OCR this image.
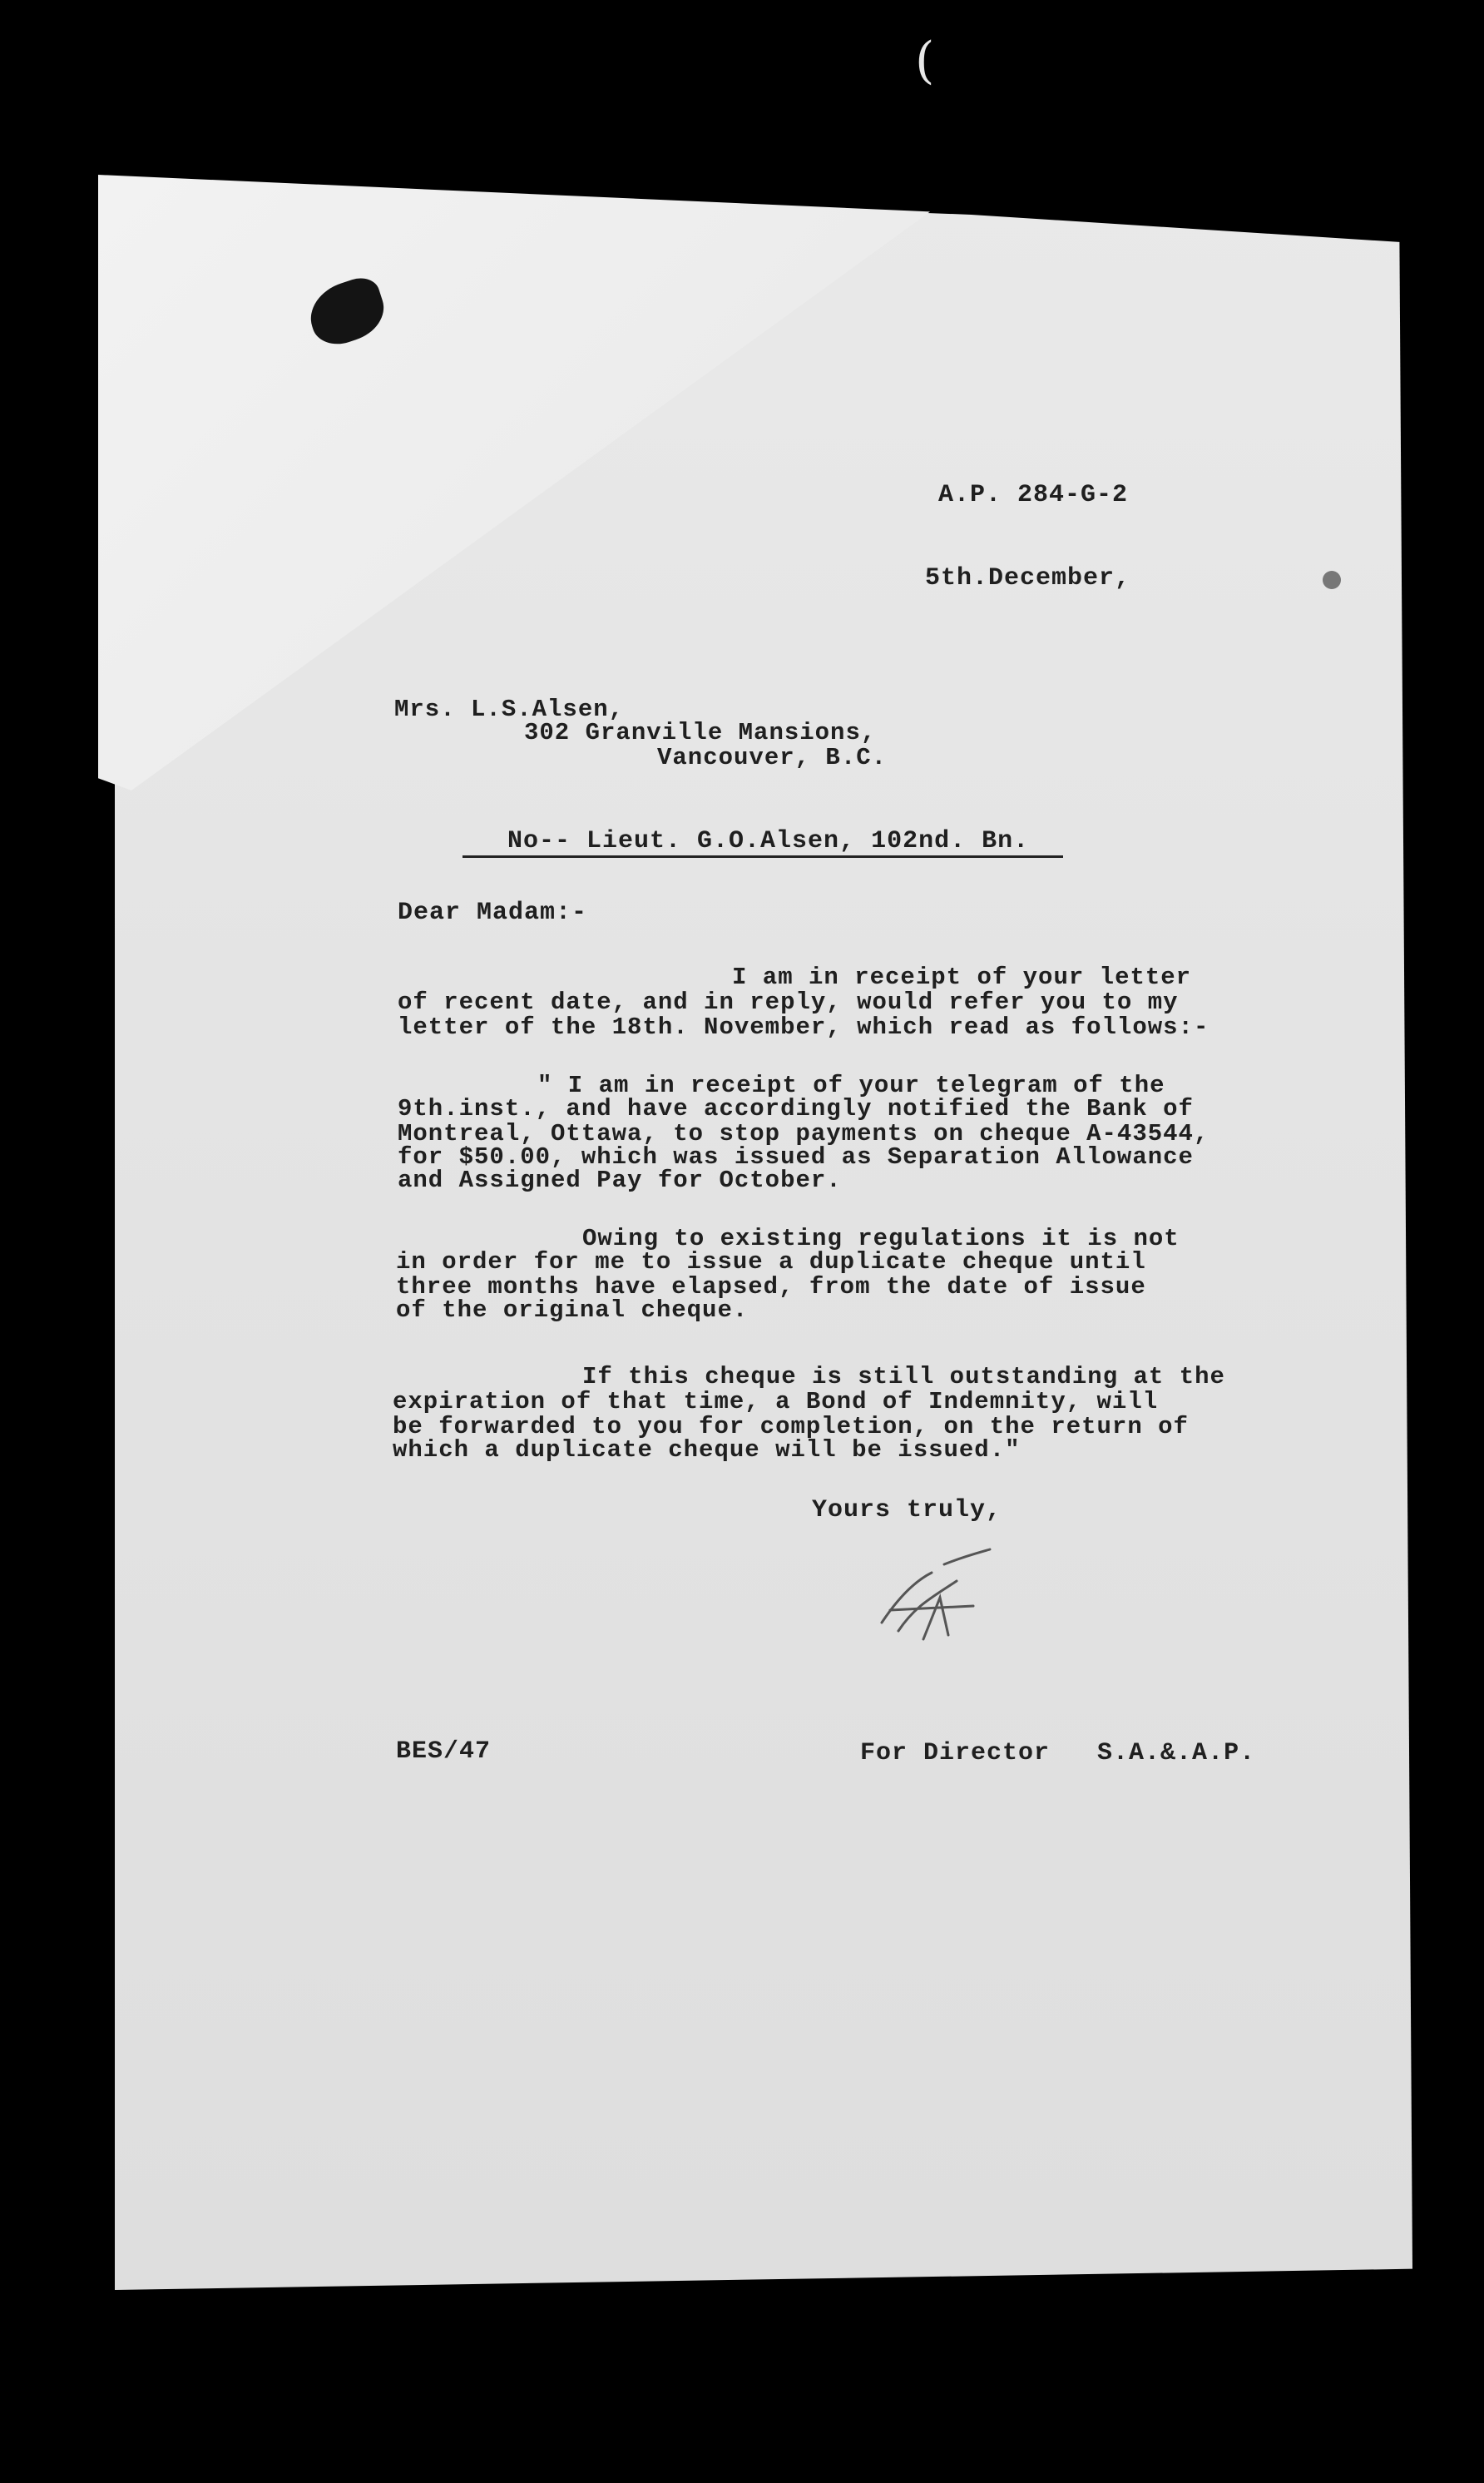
(
A.P. 284-G-2
5th.December,
Mrs. L.S.Alsen,
302 Granville Mansions,
Vancouver, B.C.
No-- Lieut. G.O.Alsen, 102nd. Bn.
Dear Madam:-
I am in receipt of your letter
of recent date, and in reply, would refer you to my
letter of the 18th. November, which read as follows:-
" I am in receipt of your telegram of the
9th.inst., and have accordingly notified the Bank of
Montreal, Ottawa, to stop payments on cheque A-43544,
for $50.00, which was issued as Separation Allowance
and Assigned Pay for October.
Owing to existing regulations it is not
in order for me to issue a duplicate cheque until
three months have elapsed, from the date of issue
of the original cheque.
If this cheque is still outstanding at the
expiration of that time, a Bond of Indemnity, will
be forwarded to you for completion, on the return of
which a duplicate cheque will be issued."
Yours truly,
BES/47	For Director   S.A.&.A.P.
